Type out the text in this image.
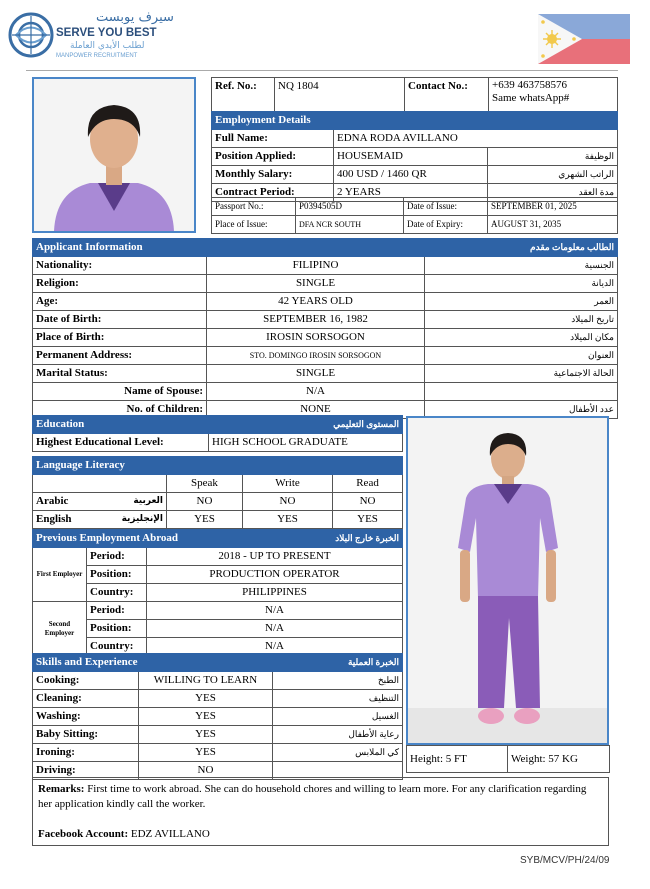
سيرف يوبست
SERVE YOU BEST
لطلب الأيدي العاملة
MANPOWER RECRUITMENT
Ref. No.:	NQ 1804	Contact No.:	+639 463758576
Same whatsApp#
Employment Details		
Full Name:	EDNA RODA AVILLANO	
Position Applied:	HOUSEMAID	الوظيفة
Monthly Salary:	400 USD / 1460 QR	الراتب الشهري
Contract Period:	2 YEARS	مدة العقد
Passport No.:	P0394505D	Date of Issue:	SEPTEMBER 01, 2025
Place of Issue:	DFA NCR SOUTH	Date of Expiry:	AUGUST 31, 2035
Applicant Information		الطالب معلومات مقدم
Nationality:	FILIPINO	الجنسية
Religion:	SINGLE	الديانة
Age:	42 YEARS OLD	العمر
Date of Birth:	SEPTEMBER 16, 1982	تاريخ الميلاد
Place of Birth:	IROSIN SORSOGON	مكان الميلاد
Permanent Address:	STO. DOMINGO IROSIN SORSOGON	العنوان
Marital Status:	SINGLE	الحالة الاجتماعية
Name of Spouse:	N/A	
No. of Children:	NONE	عدد الأطفال
Education	المستوى التعليمي
Highest Educational Level:	HIGH SCHOOL GRADUATE
Language Literacy			
	Speak	Write	Read
Arabic العربية	NO	NO	NO
English الإنجليزية	YES	YES	YES
Previous Employment Abroad		الخبرة خارج البلاد
First Employer	Period:	2018 - UP TO PRESENT
	Position:	PRODUCTION OPERATOR
	Country:	PHILIPPINES
Second Employer	Period:	N/A
	Position:	N/A
	Country:	N/A
Skills and Experience		الخبرة العملية
Cooking:	WILLING TO LEARN	الطبخ
Cleaning:	YES	التنظيف
Washing:	YES	الغسيل
Baby Sitting:	YES	رعاية الأطفال
Ironing:	YES	كي الملابس
Driving:	NO	
Height: 5 FT	Weight: 57 KG
Remarks: First time to work abroad. She can do household chores and willing to learn more. For any clarification regarding her application kindly call the worker.
Facebook Account: EDZ AVILLANO
SYB/MCV/PH/24/09
